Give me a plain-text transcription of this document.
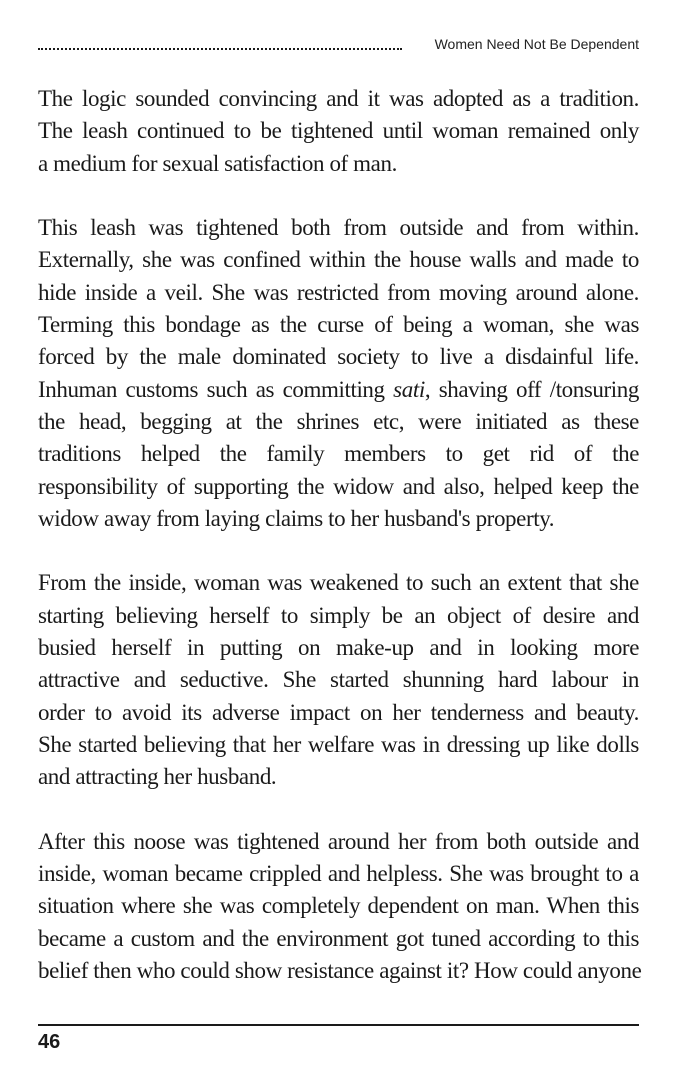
Women Need Not Be Dependent

The logic sounded convincing and it was adopted as a tradition.
The leash continued to be tightened until woman remained only
a medium for sexual satisfaction of man.

This leash was tightened both from outside and from within.
Externally, she was confined within the house walls and made to
hide inside a veil. She was restricted from moving around alone.
Terming this bondage as the curse of being a woman, she was
forced by the male dominated society to live a disdainful life.
Inhuman customs such as committing sati, shaving off /tonsuring
the head, begging at the shrines etc, were initiated as these
traditions helped the family members to get rid of the
responsibility of supporting the widow and also, helped keep the
widow away from laying claims to her husband's property.

From the inside, woman was weakened to such an extent that she
starting believing herself to simply be an object of desire and
busied herself in putting on make-up and in looking more
attractive and seductive. She started shunning hard labour in
order to avoid its adverse impact on her tenderness and beauty.
She started believing that her welfare was in dressing up like dolls
and attracting her husband.

After this noose was tightened around her from both outside and
inside, woman became crippled and helpless. She was brought to a
situation where she was completely dependent on man. When this
became a custom and the environment got tuned according to this
belief then who could show resistance against it? How could anyone

46
